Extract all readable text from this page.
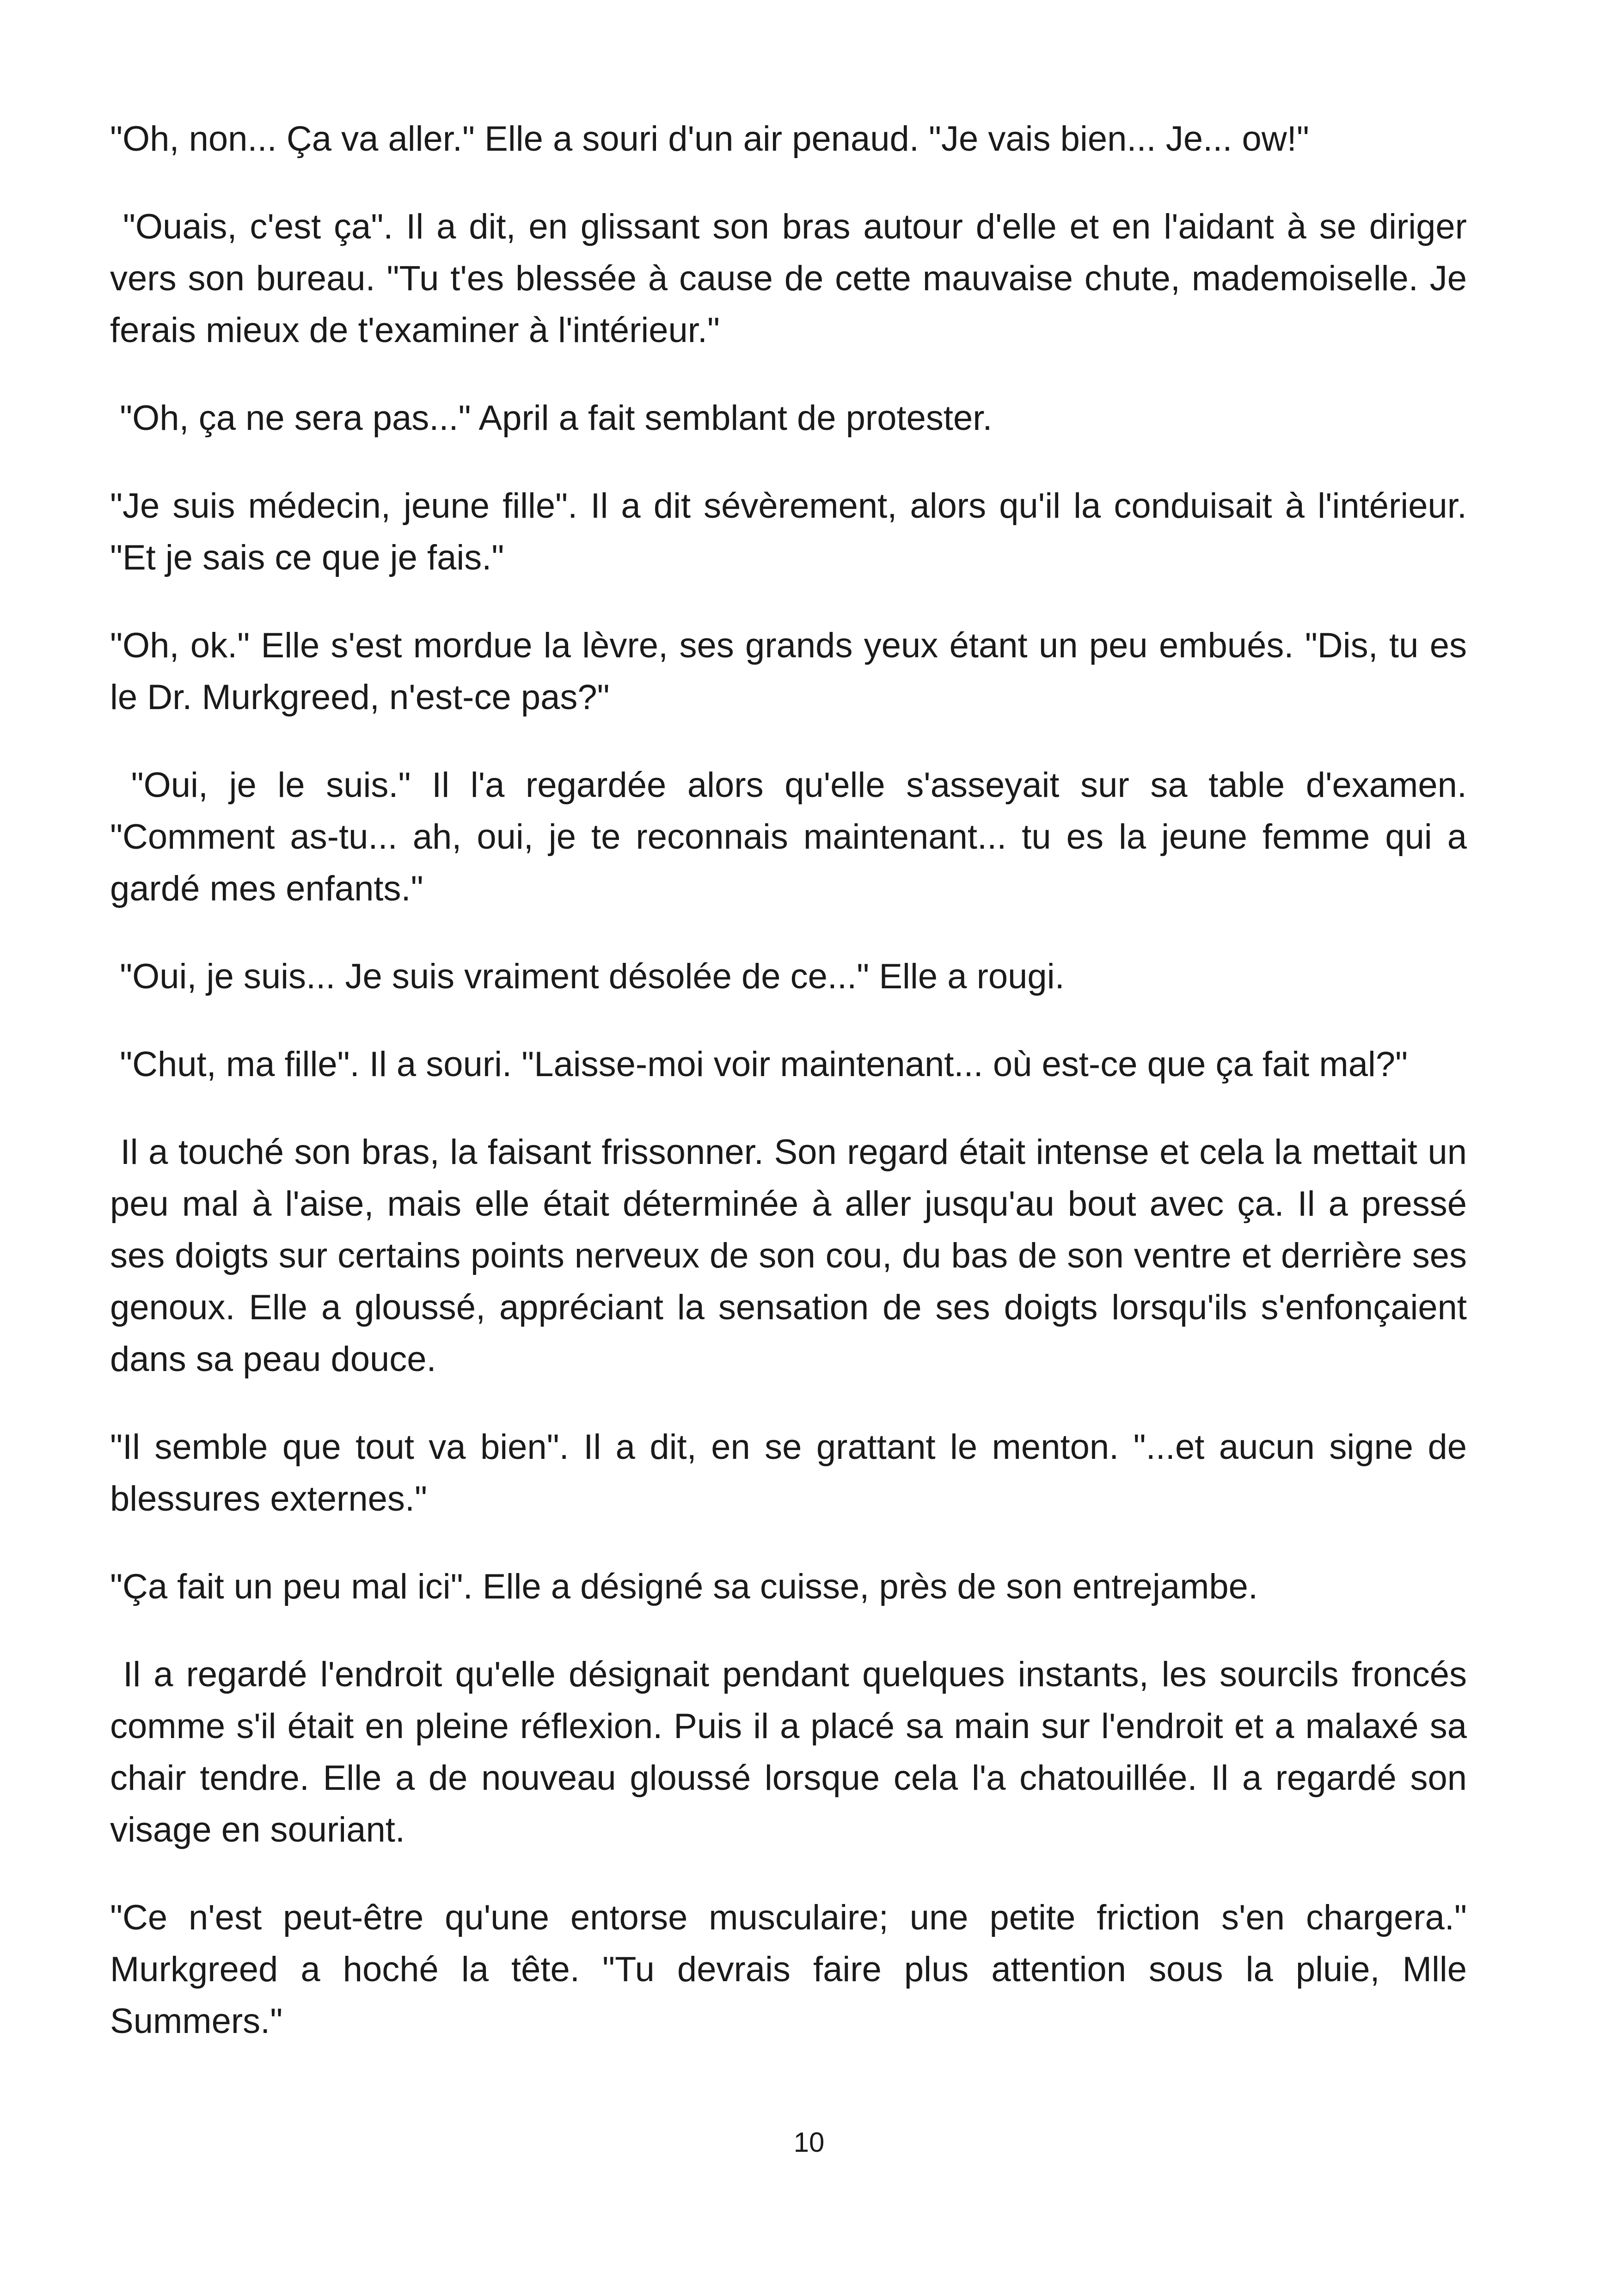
"Oh, non... Ça va aller." Elle a souri d'un air penaud. "Je vais bien... Je... ow!"

"Ouais, c'est ça". Il a dit, en glissant son bras autour d'elle et en l'aidant à se diriger vers son bureau. "Tu t'es blessée à cause de cette mauvaise chute, mademoiselle. Je ferais mieux de t'examiner à l'intérieur."

"Oh, ça ne sera pas..." April a fait semblant de protester.

"Je suis médecin, jeune fille". Il a dit sévèrement, alors qu'il la conduisait à l'intérieur. "Et je sais ce que je fais."

"Oh, ok." Elle s'est mordue la lèvre, ses grands yeux étant un peu embués. "Dis, tu es le Dr. Murkgreed, n'est-ce pas?"

"Oui, je le suis." Il l'a regardée alors qu'elle s'asseyait sur sa table d'examen. "Comment as-tu... ah, oui, je te reconnais maintenant... tu es la jeune femme qui a gardé mes enfants."

"Oui, je suis... Je suis vraiment désolée de ce..." Elle a rougi.

"Chut, ma fille". Il a souri. "Laisse-moi voir maintenant... où est-ce que ça fait mal?"

Il a touché son bras, la faisant frissonner. Son regard était intense et cela la mettait un peu mal à l'aise, mais elle était déterminée à aller jusqu'au bout avec ça. Il a pressé ses doigts sur certains points nerveux de son cou, du bas de son ventre et derrière ses genoux. Elle a gloussé, appréciant la sensation de ses doigts lorsqu'ils s'enfonçaient dans sa peau douce.

"Il semble que tout va bien". Il a dit, en se grattant le menton. "...et aucun signe de blessures externes."

"Ça fait un peu mal ici". Elle a désigné sa cuisse, près de son entrejambe.

Il a regardé l'endroit qu'elle désignait pendant quelques instants, les sourcils froncés comme s'il était en pleine réflexion. Puis il a placé sa main sur l'endroit et a malaxé sa chair tendre. Elle a de nouveau gloussé lorsque cela l'a chatouillée. Il a regardé son visage en souriant.

"Ce n'est peut-être qu'une entorse musculaire; une petite friction s'en chargera." Murkgreed a hoché la tête. "Tu devrais faire plus attention sous la pluie, Mlle Summers."

10
